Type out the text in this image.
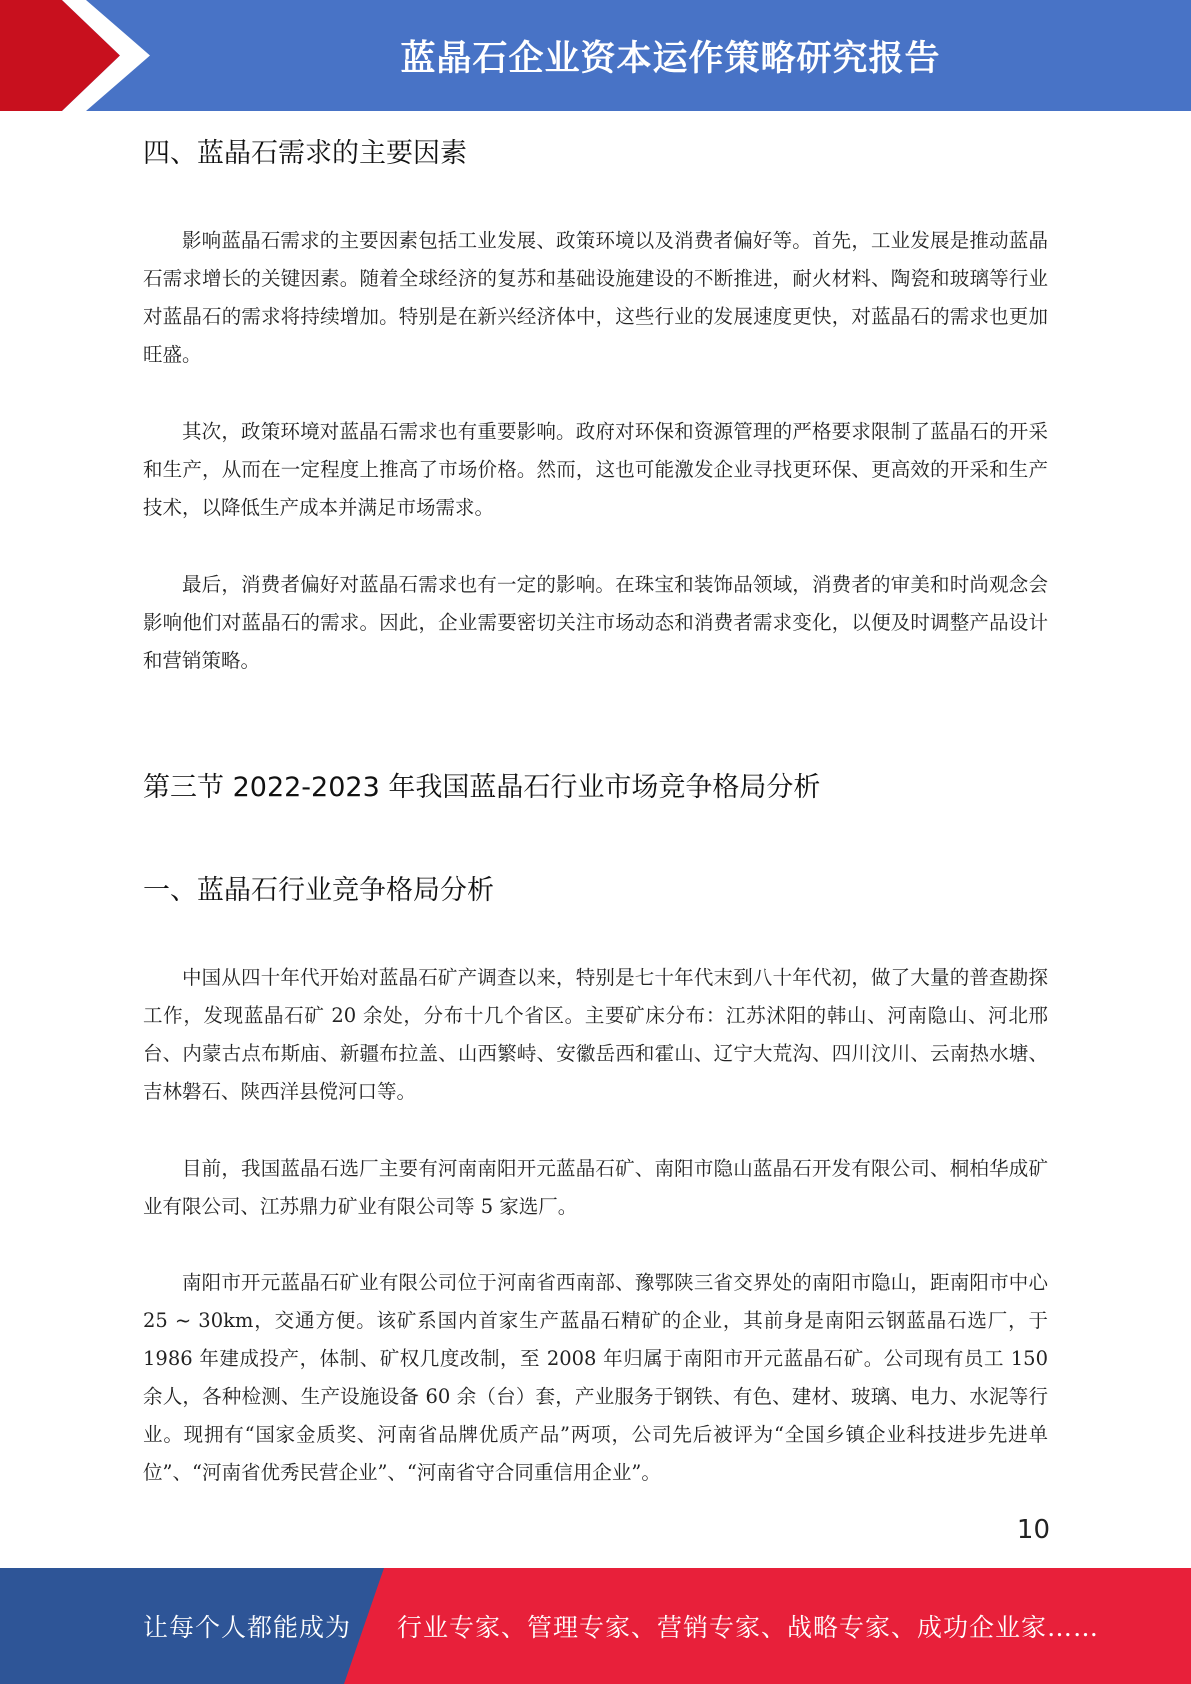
蓝晶石企业资本运作策略研究报告
四、蓝晶石需求的主要因素

影响蓝晶石需求的主要因素包括工业发展、政策环境以及消费者偏好等。首先，工业发展是推动蓝晶石需求增长的关键因素。随着全球经济的复苏和基础设施建设的不断推进，耐火材料、陶瓷和玻璃等行业对蓝晶石的需求将持续增加。特别是在新兴经济体中，这些行业的发展速度更快，对蓝晶石的需求也更加旺盛。

其次，政策环境对蓝晶石需求也有重要影响。政府对环保和资源管理的严格要求限制了蓝晶石的开采和生产，从而在一定程度上推高了市场价格。然而，这也可能激发企业寻找更环保、更高效的开采和生产技术，以降低生产成本并满足市场需求。

最后，消费者偏好对蓝晶石需求也有一定的影响。在珠宝和装饰品领域，消费者的审美和时尚观念会影响他们对蓝晶石的需求。因此，企业需要密切关注市场动态和消费者需求变化，以便及时调整产品设计和营销策略。

第三节 2022-2023 年我国蓝晶石行业市场竞争格局分析
一、蓝晶石行业竞争格局分析

中国从四十年代开始对蓝晶石矿产调查以来，特别是七十年代末到八十年代初，做了大量的普查勘探工作，发现蓝晶石矿 20 余处，分布十几个省区。主要矿床分布：江苏沭阳的韩山、河南隐山、河北邢台、内蒙古点布斯庙、新疆布拉盖、山西繁峙、安徽岳西和霍山、辽宁大荒沟、四川汶川、云南热水塘、吉林磐石、陕西洋县傥河口等。

目前，我国蓝晶石选厂主要有河南南阳开元蓝晶石矿、南阳市隐山蓝晶石开发有限公司、桐柏华成矿业有限公司、江苏鼎力矿业有限公司等 5 家选厂。

南阳市开元蓝晶石矿业有限公司位于河南省西南部、豫鄂陕三省交界处的南阳市隐山，距南阳市中心 25 ~ 30km，交通方便。该矿系国内首家生产蓝晶石精矿的企业，其前身是南阳云钢蓝晶石选厂，于 1986 年建成投产，体制、矿权几度改制，至 2008 年归属于南阳市开元蓝晶石矿。公司现有员工 150 余人，各种检测、生产设施设备 60 余（台）套，产业服务于钢铁、有色、建材、玻璃、电力、水泥等行业。现拥有“国家金质奖、河南省品牌优质产品”两项，公司先后被评为“全国乡镇企业科技进步先进单位”、“河南省优秀民营企业”、“河南省守合同重信用企业”。

10
让每个人都能成为 行业专家、管理专家、营销专家、战略专家、成功企业家……
